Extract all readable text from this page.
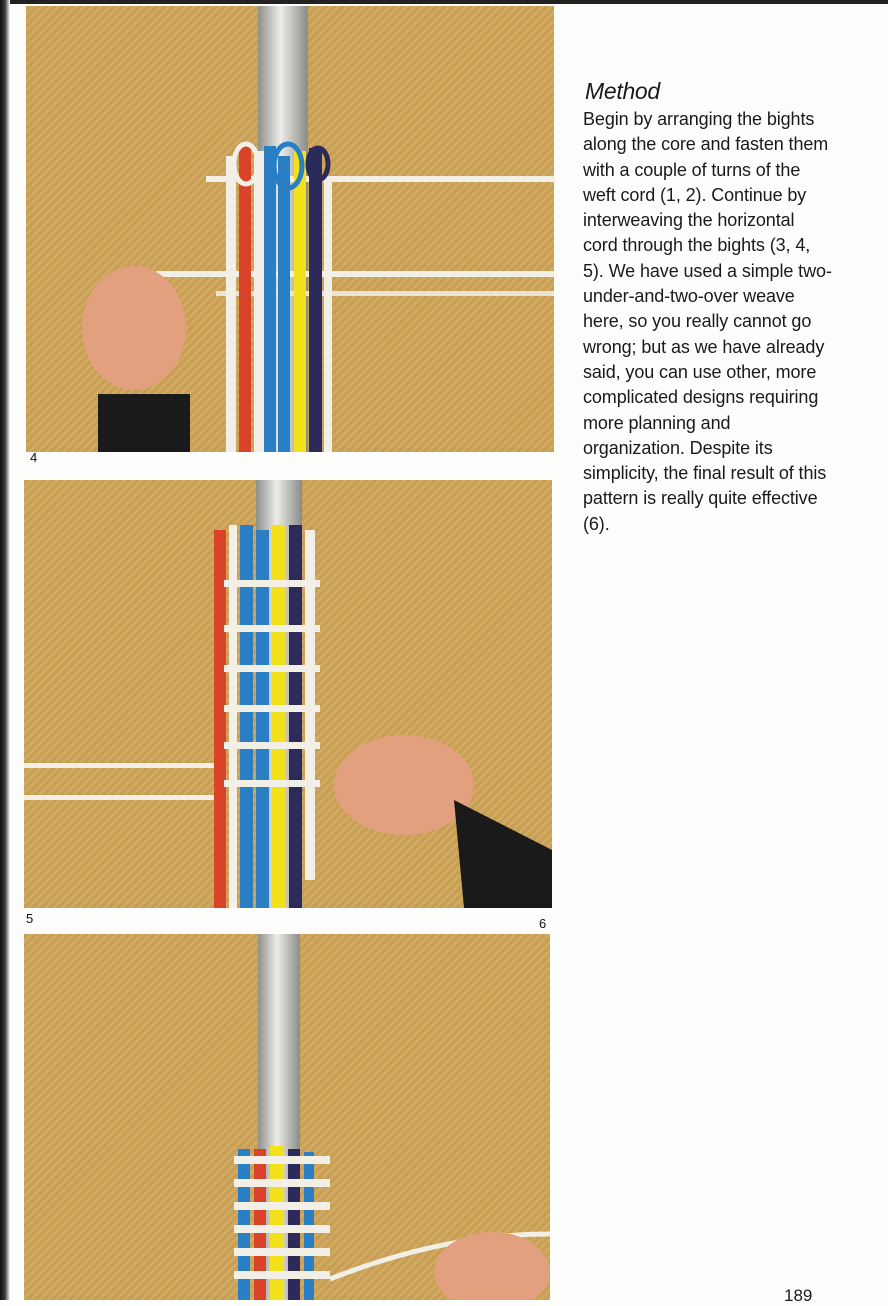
4
5	6
Method

Begin by arranging the bights along the core and fasten them with a couple of turns of the weft cord (1, 2). Continue by interweaving the horizontal cord through the bights (3, 4, 5). We have used a simple two-under-and-two-over weave here, so you really cannot go wrong; but as we have already said, you can use other, more complicated designs requiring more planning and organization. Despite its simplicity, the final result of this pattern is really quite effective (6).

189
